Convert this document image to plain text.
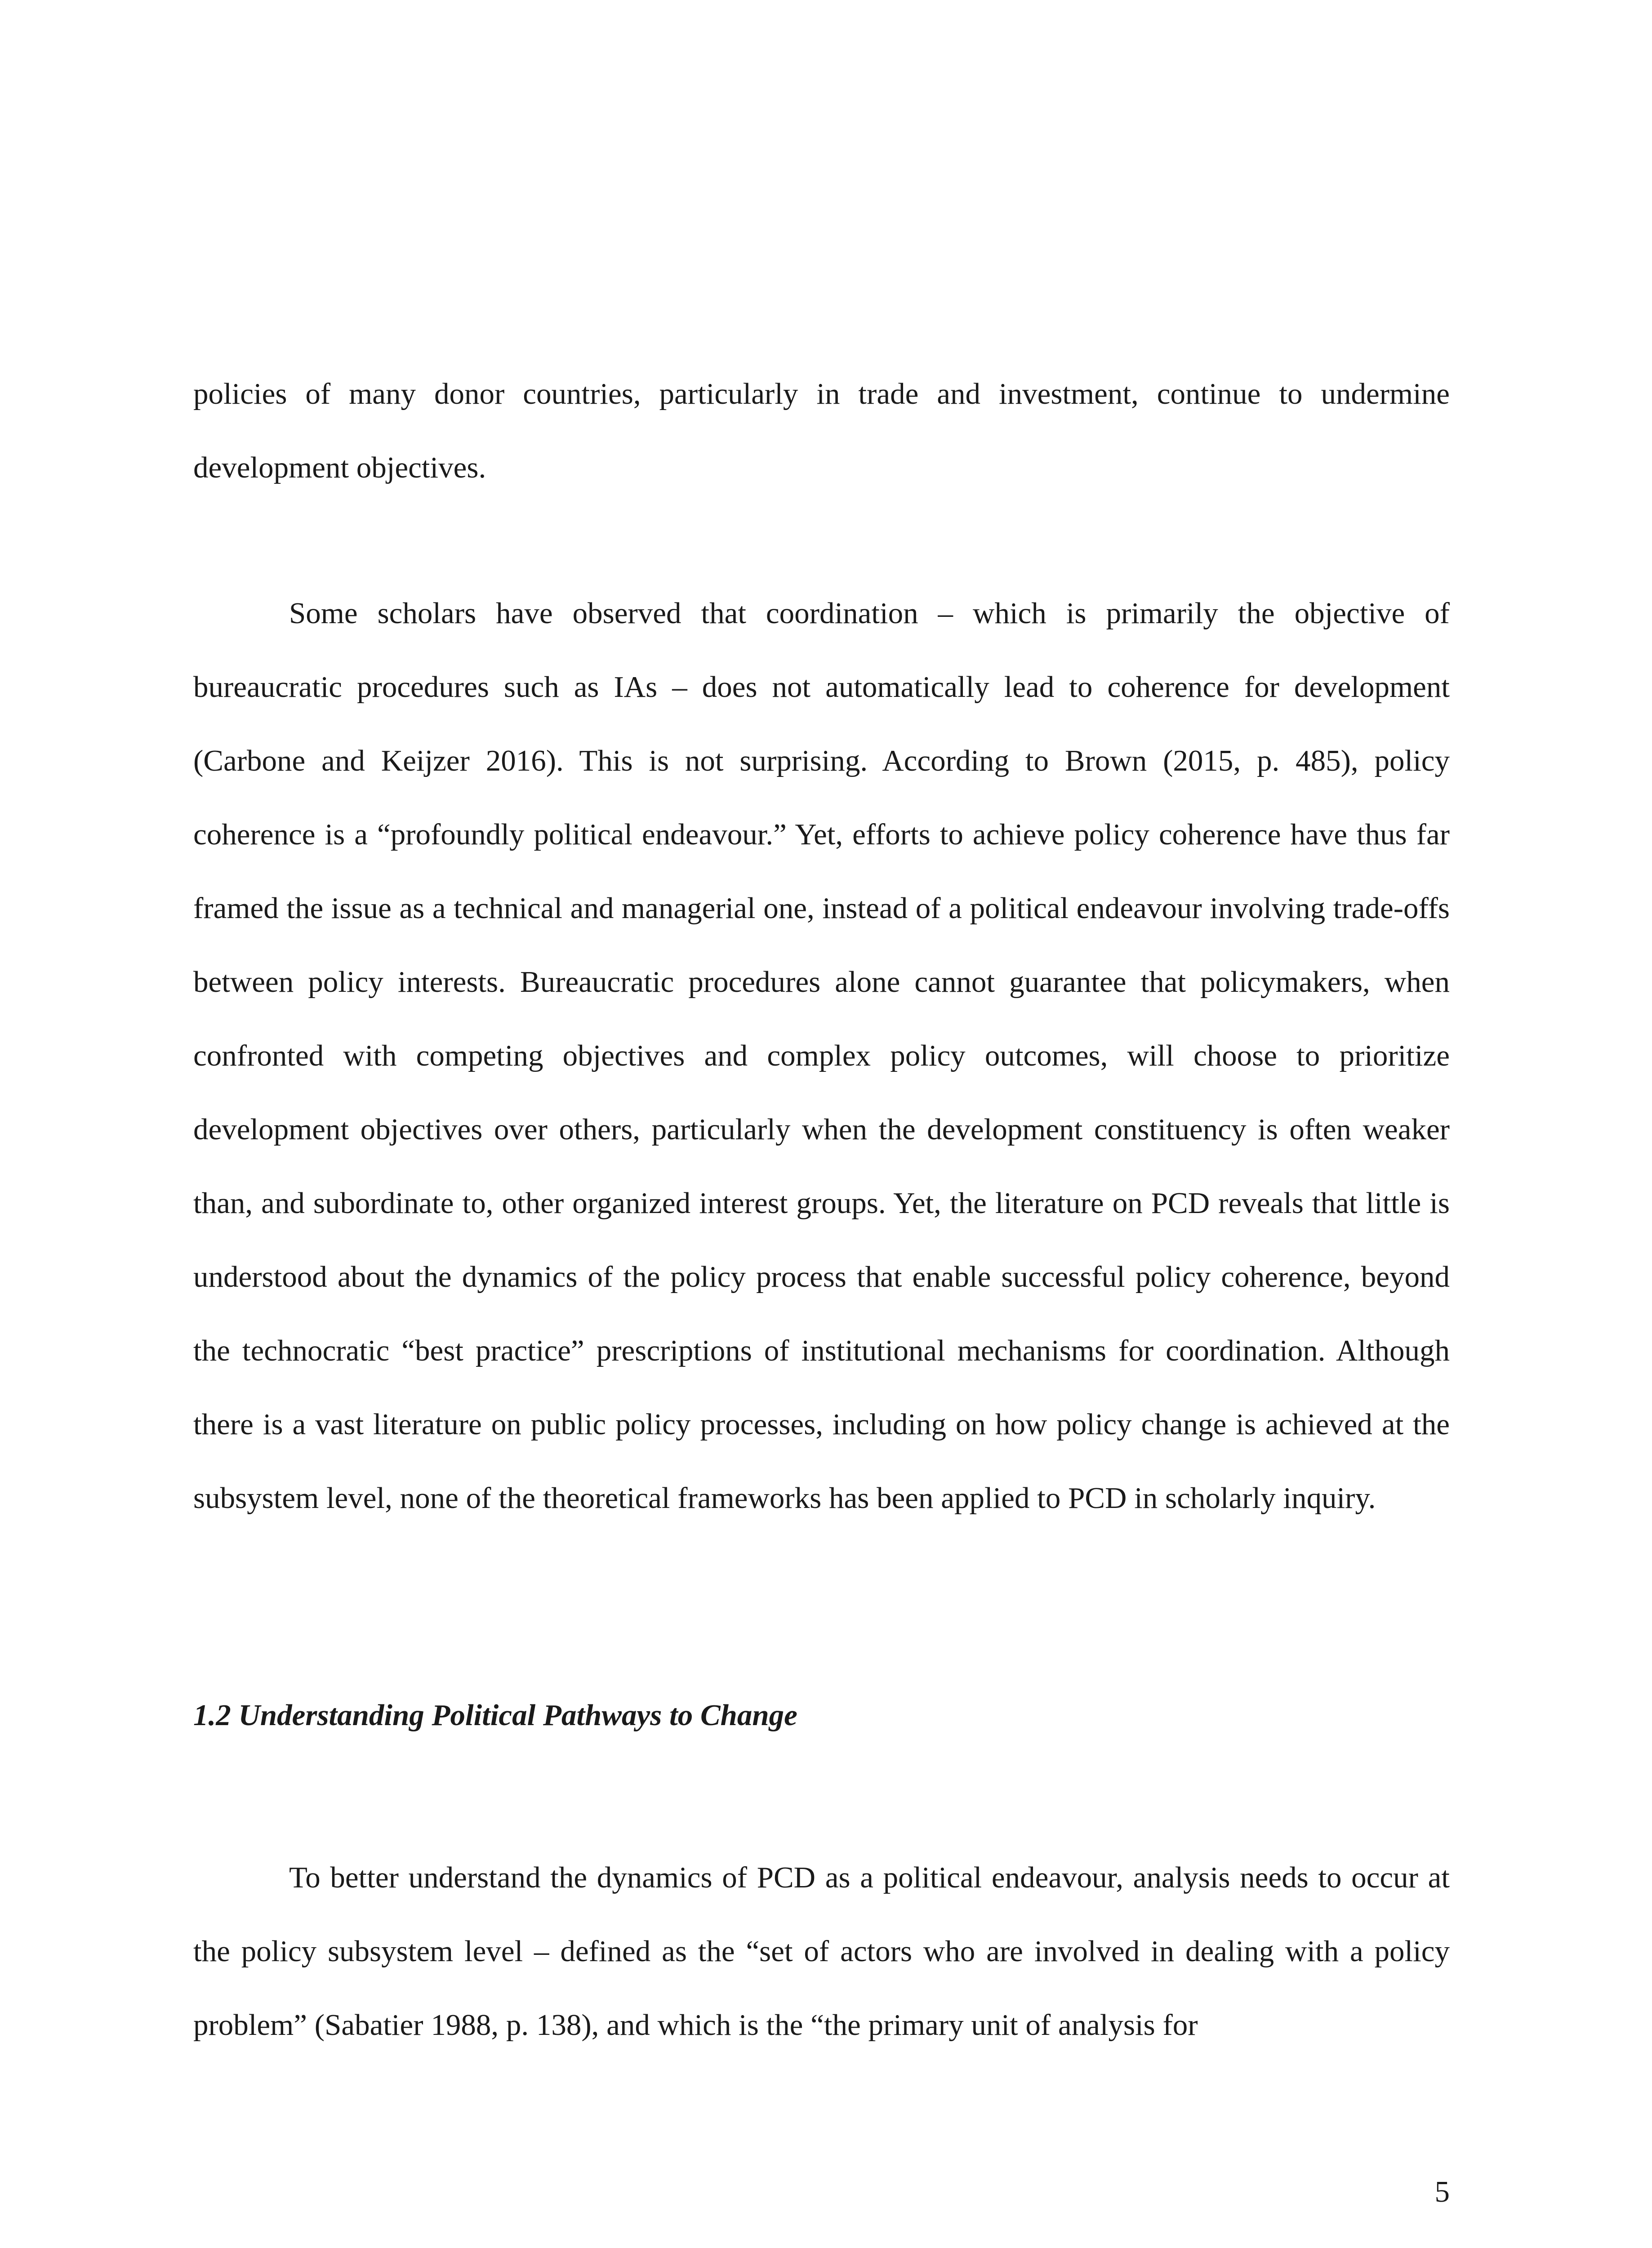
policies of many donor countries, particularly in trade and investment, continue to undermine development objectives.

Some scholars have observed that coordination – which is primarily the objective of bureaucratic procedures such as IAs – does not automatically lead to coherence for development (Carbone and Keijzer 2016). This is not surprising. According to Brown (2015, p. 485), policy coherence is a “profoundly political endeavour.” Yet, efforts to achieve policy coherence have thus far framed the issue as a technical and managerial one, instead of a political endeavour involving trade-offs between policy interests. Bureaucratic procedures alone cannot guarantee that policymakers, when confronted with competing objectives and complex policy outcomes, will choose to prioritize development objectives over others, particularly when the development constituency is often weaker than, and subordinate to, other organized interest groups. Yet, the literature on PCD reveals that little is understood about the dynamics of the policy process that enable successful policy coherence, beyond the technocratic “best practice” prescriptions of institutional mechanisms for coordination. Although there is a vast literature on public policy processes, including on how policy change is achieved at the subsystem level, none of the theoretical frameworks has been applied to PCD in scholarly inquiry.

1.2 Understanding Political Pathways to Change

To better understand the dynamics of PCD as a political endeavour, analysis needs to occur at the policy subsystem level – defined as the “set of actors who are involved in dealing with a policy problem” (Sabatier 1988, p. 138), and which is the “the primary unit of analysis for

5
